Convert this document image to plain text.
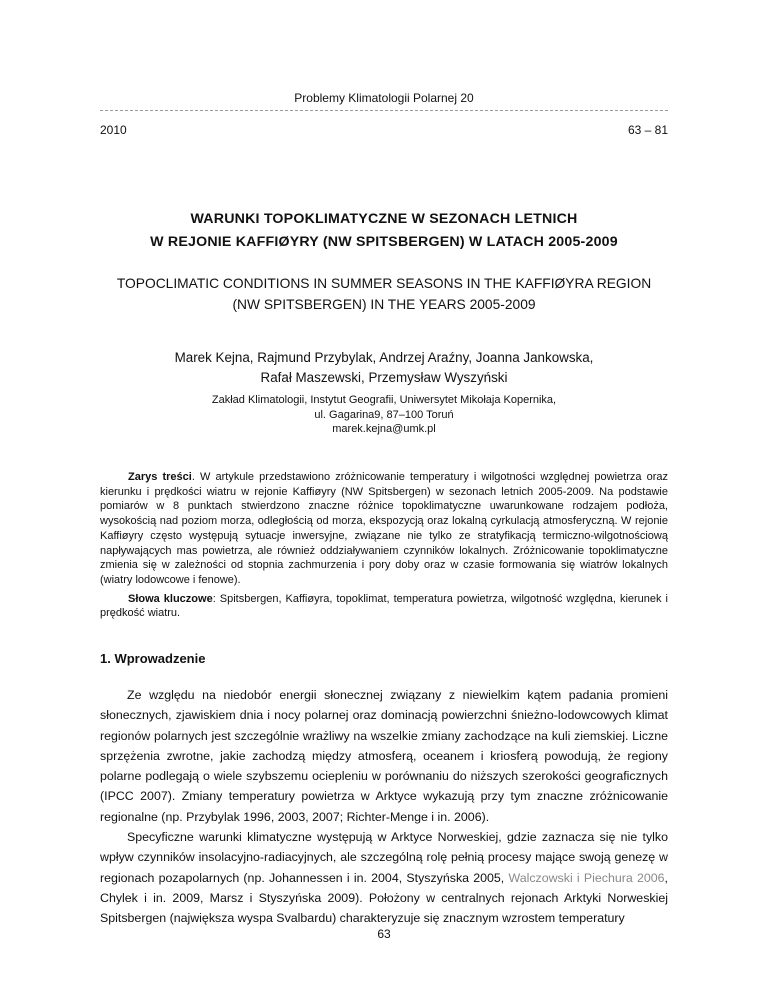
Problemy Klimatologii Polarnej 20
2010	63 – 81
WARUNKI TOPOKLIMATYCZNE W SEZONACH LETNICH
W REJONIE KAFFIØYRY (NW SPITSBERGEN) W LATACH 2005-2009
TOPOCLIMATIC CONDITIONS IN SUMMER SEASONS IN THE KAFFIØYRA REGION
(NW SPITSBERGEN) IN THE YEARS 2005-2009
Marek Kejna, Rajmund Przybylak, Andrzej Araźny, Joanna Jankowska,
Rafał Maszewski, Przemysław Wyszyński
Zakład Klimatologii, Instytut Geografii, Uniwersytet Mikołaja Kopernika,
ul. Gagarina9, 87–100 Toruń
marek.kejna@umk.pl

Zarys treści. W artykule przedstawiono zróżnicowanie temperatury i wilgotności względnej powietrza oraz kierunku i prędkości wiatru w rejonie Kaffiøyry (NW Spitsbergen) w sezonach letnich 2005-2009. Na podstawie pomiarów w 8 punktach stwierdzono znaczne różnice topoklimatyczne uwarunkowane rodzajem podłoża, wysokością nad poziom morza, odległością od morza, ekspozycją oraz lokalną cyrkulacją atmosferyczną. W rejonie Kaffiøyry często występują sytuacje inwersyjne, związane nie tylko ze stratyfikacją termiczno-wilgotnościową napływających mas powietrza, ale również oddziaływaniem czynników lokalnych. Zróżnicowanie topoklimatyczne zmienia się w zależności od stopnia zachmurzenia i pory doby oraz w czasie formowania się wiatrów lokalnych (wiatry lodowcowe i fenowe).

Słowa kluczowe: Spitsbergen, Kaffiøyra, topoklimat, temperatura powietrza, wilgotność względna, kierunek i prędkość wiatru.

1. Wprowadzenie

Ze względu na niedobór energii słonecznej związany z niewielkim kątem padania promieni słonecznych, zjawiskiem dnia i nocy polarnej oraz dominacją powierzchni śnieżno-lodowcowych klimat regionów polarnych jest szczególnie wrażliwy na wszelkie zmiany zachodzące na kuli ziemskiej. Liczne sprzężenia zwrotne, jakie zachodzą między atmosferą, oceanem i kriosferą powodują, że regiony polarne podlegają o wiele szybszemu ociepleniu w porównaniu do niższych szerokości geograficznych (IPCC 2007). Zmiany temperatury powietrza w Arktyce wykazują przy tym znaczne zróżnicowanie regionalne (np. Przybylak 1996, 2003, 2007; Richter-Menge i in. 2006).

Specyficzne warunki klimatyczne występują w Arktyce Norweskiej, gdzie zaznacza się nie tylko wpływ czynników insolacyjno-radiacyjnych, ale szczególną rolę pełnią procesy mające swoją genezę w regionach pozapolarnych (np. Johannessen i in. 2004, Styszyńska 2005, Walczowski i Piechura 2006, Chylek i in. 2009, Marsz i Styszyńska 2009). Położony w centralnych rejonach Arktyki Norweskiej Spitsbergen (największa wyspa Svalbardu) charakteryzuje się znacznym wzrostem temperatury

63
